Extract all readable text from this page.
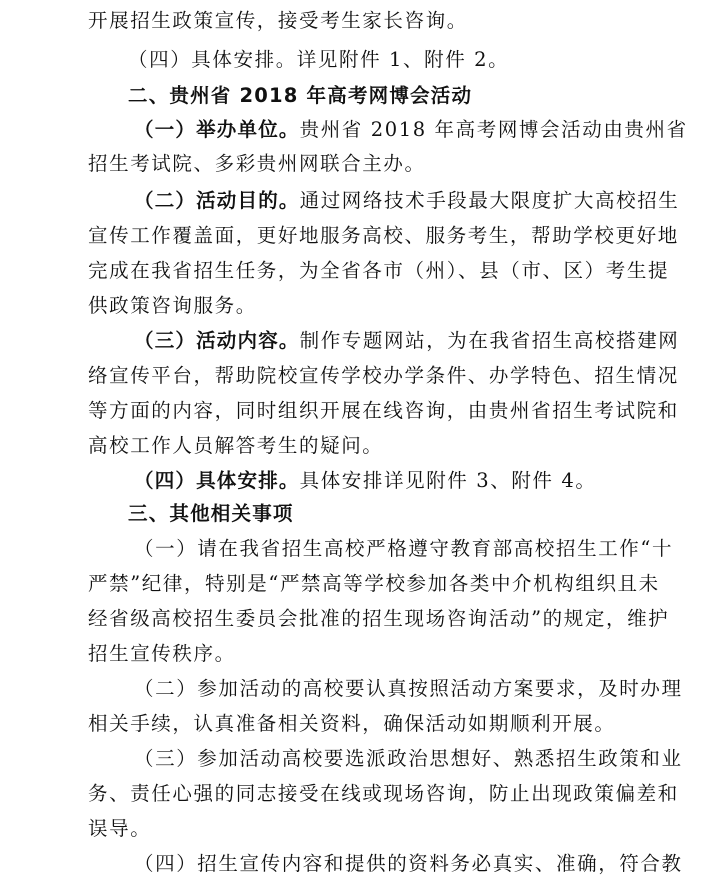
开展招生政策宣传，接受考生家长咨询。
（四）具体安排。详见附件 1、附件 2。
二、贵州省 2018 年高考网博会活动
（一）举办单位。贵州省 2018 年高考网博会活动由贵州省
招生考试院、多彩贵州网联合主办。
（二）活动目的。通过网络技术手段最大限度扩大高校招生
宣传工作覆盖面，更好地服务高校、服务考生，帮助学校更好地
完成在我省招生任务，为全省各市（州）、县（市、区）考生提
供政策咨询服务。
（三）活动内容。制作专题网站，为在我省招生高校搭建网
络宣传平台，帮助院校宣传学校办学条件、办学特色、招生情况
等方面的内容，同时组织开展在线咨询，由贵州省招生考试院和
高校工作人员解答考生的疑问。
（四）具体安排。具体安排详见附件 3、附件 4。
三、其他相关事项
（一）请在我省招生高校严格遵守教育部高校招生工作“十
严禁”纪律，特别是“严禁高等学校参加各类中介机构组织且未
经省级高校招生委员会批准的招生现场咨询活动”的规定，维护
招生宣传秩序。
（二）参加活动的高校要认真按照活动方案要求，及时办理
相关手续，认真准备相关资料，确保活动如期顺利开展。
（三）参加活动高校要选派政治思想好、熟悉招生政策和业
务、责任心强的同志接受在线或现场咨询，防止出现政策偏差和
误导。
（四）招生宣传内容和提供的资料务必真实、准确，符合教
